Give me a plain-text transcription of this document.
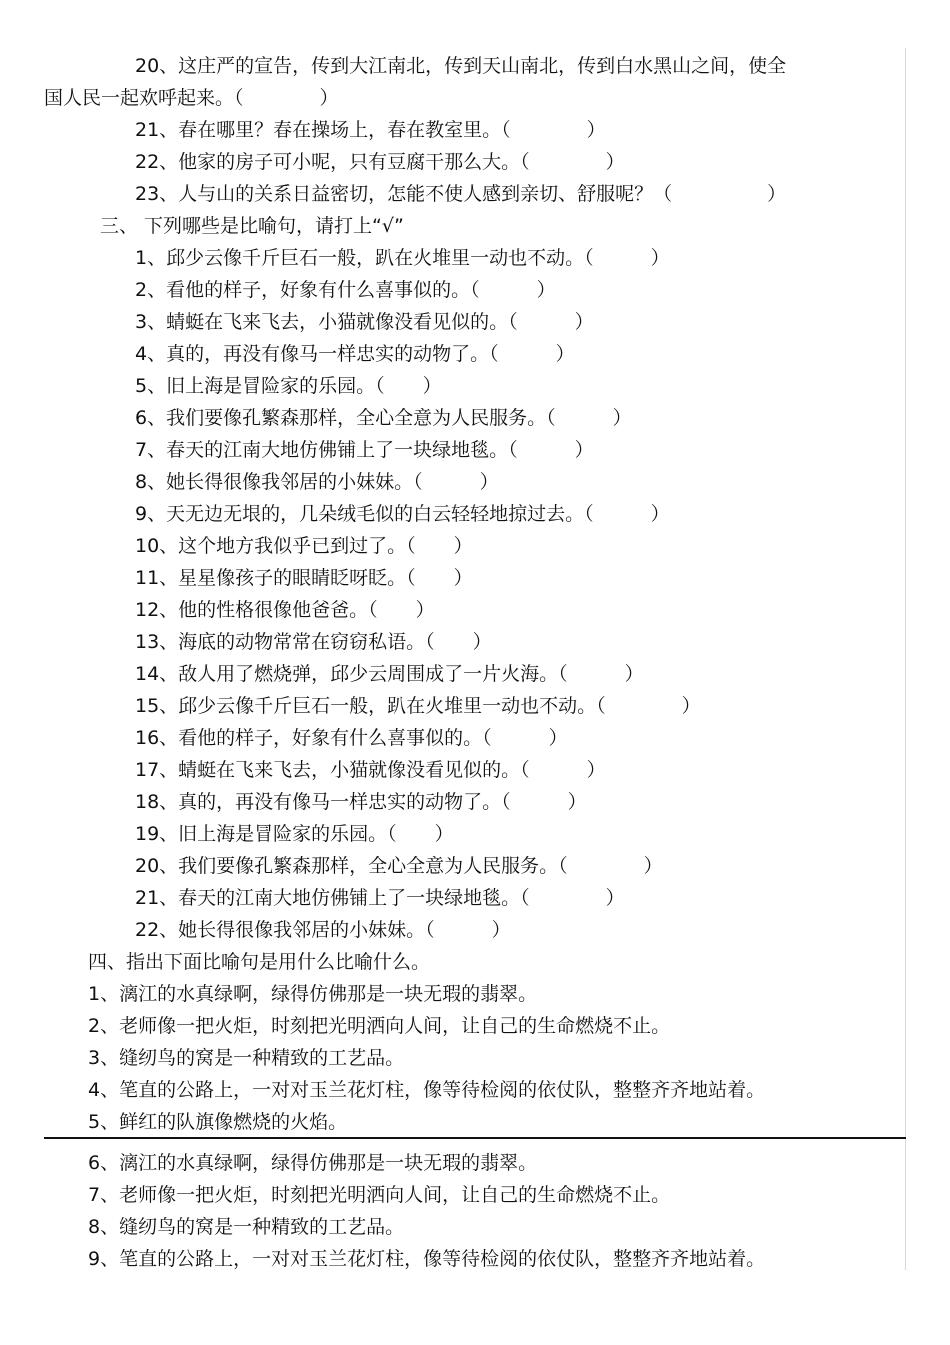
20、这庄严的宣告，传到大江南北，传到天山南北，传到白水黑山之间，使全
国人民一起欢呼起来。（　　　　）
21、春在哪里？春在操场上，春在教室里。（　　　　）
22、他家的房子可小呢，只有豆腐干那么大。（　　　　）
23、人与山的关系日益密切，怎能不使人感到亲切、舒服呢？（　　　　　）
三、 下列哪些是比喻句，请打上“√”
1、邱少云像千斤巨石一般，趴在火堆里一动也不动。（　　　）
2、看他的样子，好象有什么喜事似的。（　　　）
3、蜻蜓在飞来飞去，小猫就像没看见似的。（　　　）
4、真的，再没有像马一样忠实的动物了。（　　　）
5、旧上海是冒险家的乐园。（　　）
6、我们要像孔繁森那样，全心全意为人民服务。（　　　）
7、春天的江南大地仿佛铺上了一块绿地毯。（　　　）
8、她长得很像我邻居的小妹妹。（　　　）
9、天无边无垠的，几朵绒毛似的白云轻轻地掠过去。（　　　）
10、这个地方我似乎已到过了。（　　）
11、星星像孩子的眼睛眨呀眨。（　　）
12、他的性格很像他爸爸。（　　）
13、海底的动物常常在窃窃私语。（　　）
14、敌人用了燃烧弹，邱少云周围成了一片火海。（　　　）
15、邱少云像千斤巨石一般，趴在火堆里一动也不动。（　　　　）
16、看他的样子，好象有什么喜事似的。（　　　）
17、蜻蜓在飞来飞去，小猫就像没看见似的。（　　　）
18、真的，再没有像马一样忠实的动物了。（　　　）
19、旧上海是冒险家的乐园。（　　）
20、我们要像孔繁森那样，全心全意为人民服务。（　　　　）
21、春天的江南大地仿佛铺上了一块绿地毯。（　　　　）
22、她长得很像我邻居的小妹妹。（　　　）
四、指出下面比喻句是用什么比喻什么。
1、漓江的水真绿啊，绿得仿佛那是一块无瑕的翡翠。
2、老师像一把火炬，时刻把光明洒向人间，让自己的生命燃烧不止。
3、缝纫鸟的窝是一种精致的工艺品。
4、笔直的公路上，一对对玉兰花灯柱，像等待检阅的依仗队，整整齐齐地站着。
5、鲜红的队旗像燃烧的火焰。
6、漓江的水真绿啊，绿得仿佛那是一块无瑕的翡翠。
7、老师像一把火炬，时刻把光明洒向人间，让自己的生命燃烧不止。
8、缝纫鸟的窝是一种精致的工艺品。
9、笔直的公路上，一对对玉兰花灯柱，像等待检阅的依仗队，整整齐齐地站着。
